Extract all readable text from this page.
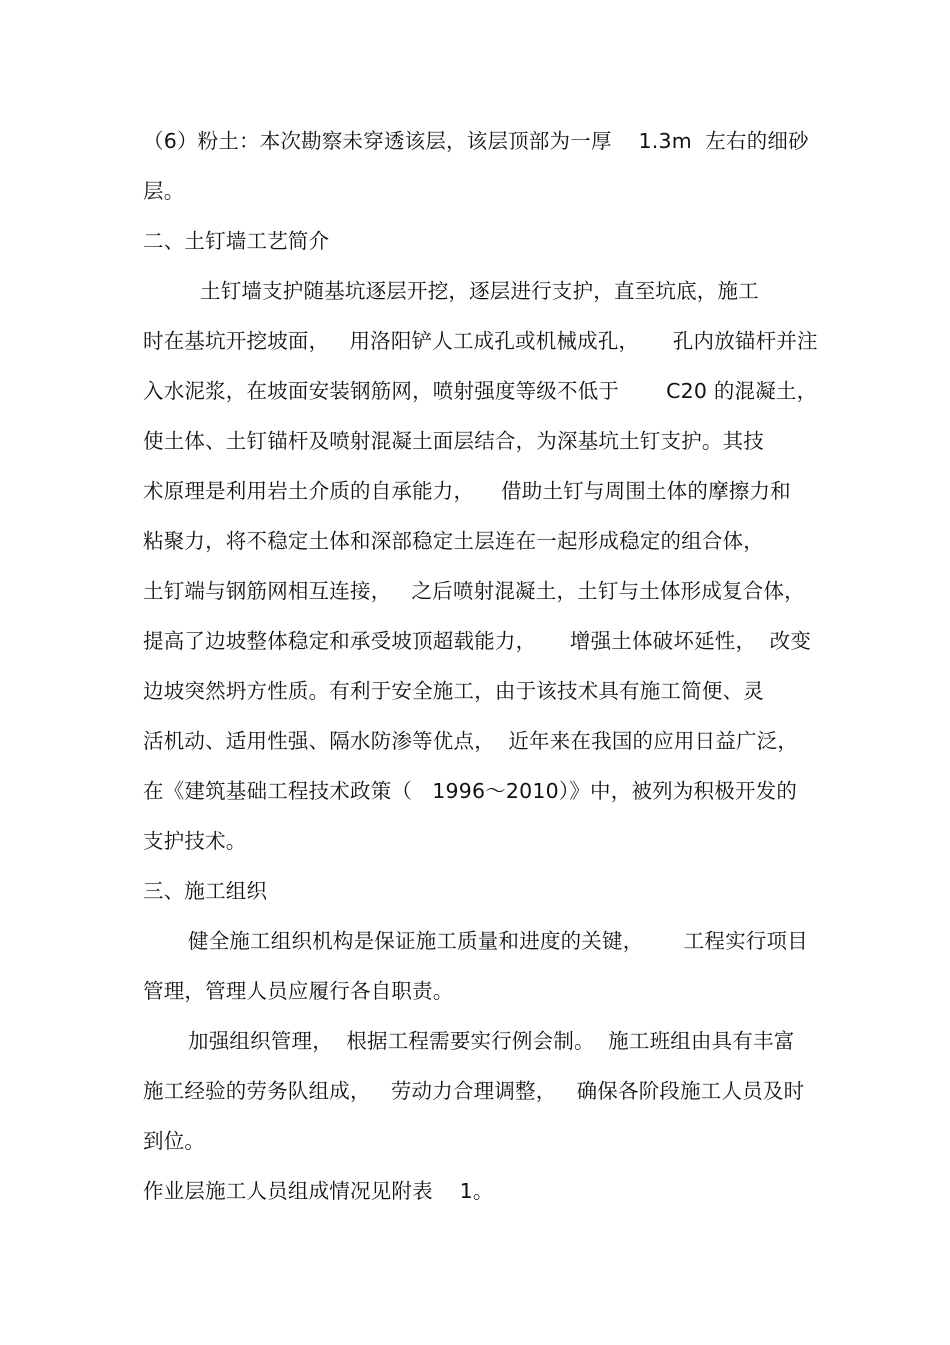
（6）粉土：本次勘察未穿透该层，该层顶部为一厚    1.3m  左右的细砂
层。
二、土钉墙工艺简介
土钉墙支护随基坑逐层开挖，逐层进行支护，直至坑底，施工
时在基坑开挖坡面，   用洛阳铲人工成孔或机械成孔，     孔内放锚杆并注
入水泥浆，在坡面安装钢筋网，喷射强度等级不低于       C20 的混凝土，
使土体、土钉锚杆及喷射混凝土面层结合，为深基坑土钉支护。其技
术原理是利用岩土介质的自承能力，    借助土钉与周围土体的摩擦力和
粘聚力，将不稳定土体和深部稳定土层连在一起形成稳定的组合体，
土钉端与钢筋网相互连接，   之后喷射混凝土，土钉与土体形成复合体，
提高了边坡整体稳定和承受坡顶超载能力，     增强土体破坏延性，  改变
边坡突然坍方性质。有利于安全施工，由于该技术具有施工简便、灵
活机动、适用性强、隔水防渗等优点，  近年来在我国的应用日益广泛，
在《建筑基础工程技术政策（   1996～2010）》中，被列为积极开发的
支护技术。
三、施工组织
健全施工组织机构是保证施工质量和进度的关键，      工程实行项目
管理，管理人员应履行各自职责。
加强组织管理，  根据工程需要实行例会制。  施工班组由具有丰富
施工经验的劳务队组成，   劳动力合理调整，   确保各阶段施工人员及时
到位。
作业层施工人员组成情况见附表    1。
